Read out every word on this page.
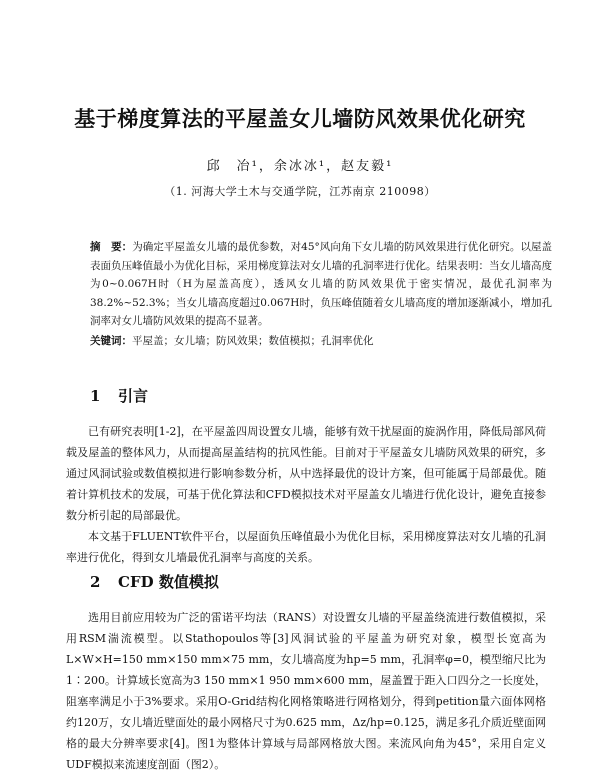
基于梯度算法的平屋盖女儿墙防风效果优化研究
邱　冶¹，余冰冰¹，赵友毅¹
（1. 河海大学土木与交通学院，江苏南京 210098）

摘　要：为确定平屋盖女儿墙的最优参数，对45°风向角下女儿墙的防风效果进行优化研究。以屋盖表面负压峰值最小为优化目标，采用梯度算法对女儿墙的孔洞率进行优化。结果表明：当女儿墙高度为0~0.067H时（H为屋盖高度），透风女儿墙的防风效果优于密实情况，最优孔洞率为38.2%~52.3%；当女儿墙高度超过0.067H时，负压峰值随着女儿墙高度的增加逐渐减小，增加孔洞率对女儿墙防风效果的提高不显著。

关键词：平屋盖；女儿墙；防风效果；数值模拟；孔洞率优化

1 引言

已有研究表明[1-2]，在平屋盖四周设置女儿墙，能够有效干扰屋面的旋涡作用，降低局部风荷载及屋盖的整体风力，从而提高屋盖结构的抗风性能。目前对于平屋盖女儿墙防风效果的研究，多通过风洞试验或数值模拟进行影响参数分析，从中选择最优的设计方案，但可能属于局部最优。随着计算机技术的发展，可基于优化算法和CFD模拟技术对平屋盖女儿墙进行优化设计，避免直接参数分析引起的局部最优。

本文基于FLUENT软件平台，以屋面负压峰值最小为优化目标，采用梯度算法对女儿墙的孔洞率进行优化，得到女儿墙最优孔洞率与高度的关系。

2 CFD 数值模拟

选用目前应用较为广泛的雷诺平均法（RANS）对设置女儿墙的平屋盖绕流进行数值模拟，采用RSM湍流模型。以Stathopoulos等[3]风洞试验的平屋盖为研究对象，模型长宽高为L×W×H=150 mm×150 mm×75 mm，女儿墙高度为hp=5 mm，孔洞率φ=0，模型缩尺比为1∶200。计算域长宽高为3 150 mm×1 950 mm×600 mm，屋盖置于距入口四分之一长度处，阻塞率满足小于3%要求。采用O-Grid结构化网格策略进行网格划分，得到petition量六面体网格约120万，女儿墙近壁面处的最小网格尺寸为0.625 mm，Δz/hp=0.125，满足多孔介质近壁面网格的最大分辨率要求[4]。图1为整体计算域与局部网格放大图。来流风向角为45°，采用自定义UDF模拟来流速度剖面（图2）。
